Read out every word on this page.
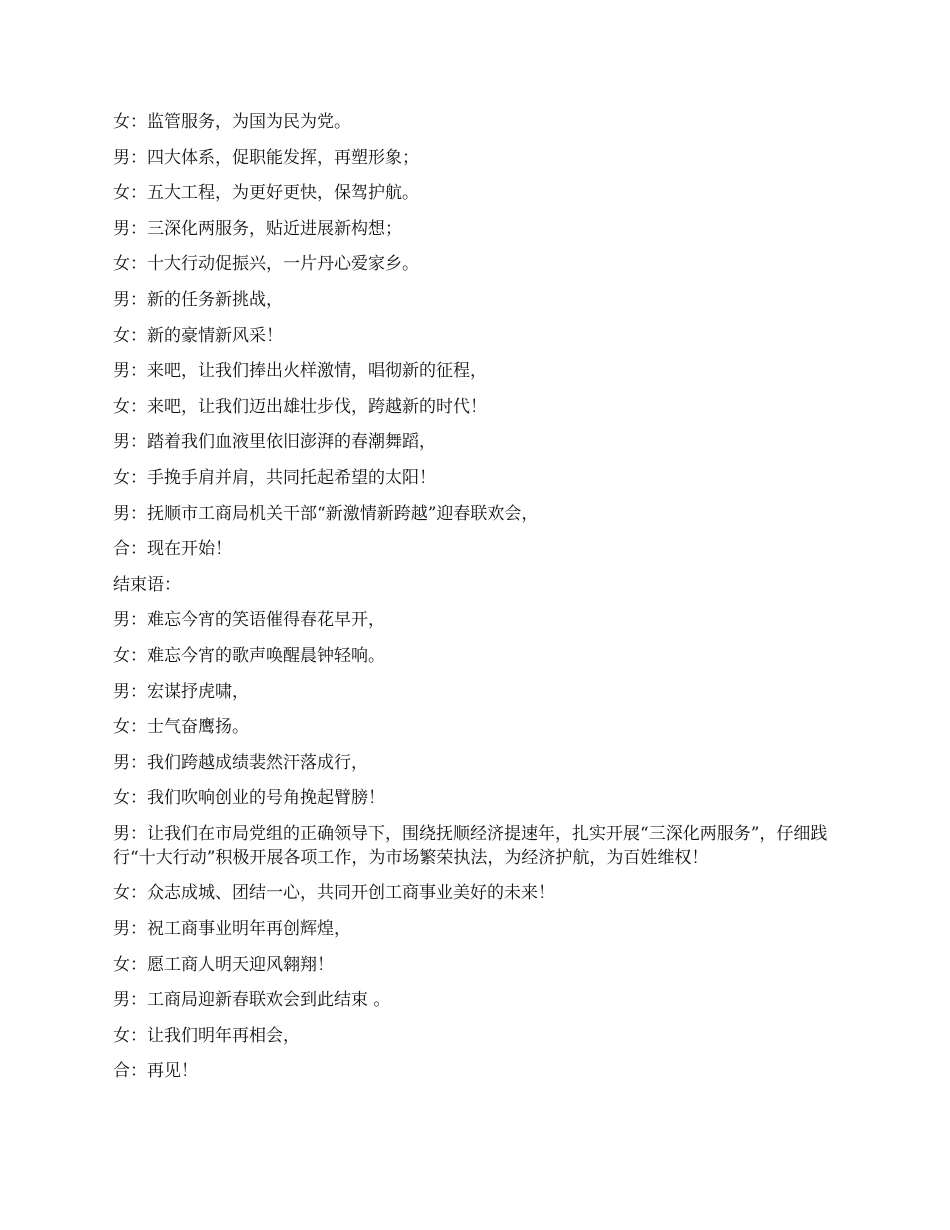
女：监管服务，为国为民为党。
男：四大体系，促职能发挥，再塑形象；
女：五大工程，为更好更快，保驾护航。
男：三深化两服务，贴近进展新构想；
女：十大行动促振兴，一片丹心爱家乡。
男：新的任务新挑战，
女：新的豪情新风采！
男：来吧，让我们捧出火样激情，唱彻新的征程，
女：来吧，让我们迈出雄壮步伐，跨越新的时代！
男：踏着我们血液里依旧澎湃的春潮舞蹈，
女：手挽手肩并肩，共同托起希望的太阳！
男：抚顺市工商局机关干部“新激情新跨越”迎春联欢会，
合：现在开始！
结束语：
男：难忘今宵的笑语催得春花早开，
女：难忘今宵的歌声唤醒晨钟轻响。
男：宏谋抒虎啸，
女：士气奋鹰扬。
男：我们跨越成绩裴然汗落成行，
女：我们吹响创业的号角挽起臂膀！
男：让我们在市局党组的正确领导下，围绕抚顺经济提速年，扎实开展“三深化两服务”，仔细践行“十大行动”积极开展各项工作，为市场繁荣执法，为经济护航，为百姓维权！
女：众志成城、团结一心，共同开创工商事业美好的未来！
男：祝工商事业明年再创辉煌，
女：愿工商人明天迎风翱翔！
男：工商局迎新春联欢会到此结束 。
女：让我们明年再相会，
合：再见！
